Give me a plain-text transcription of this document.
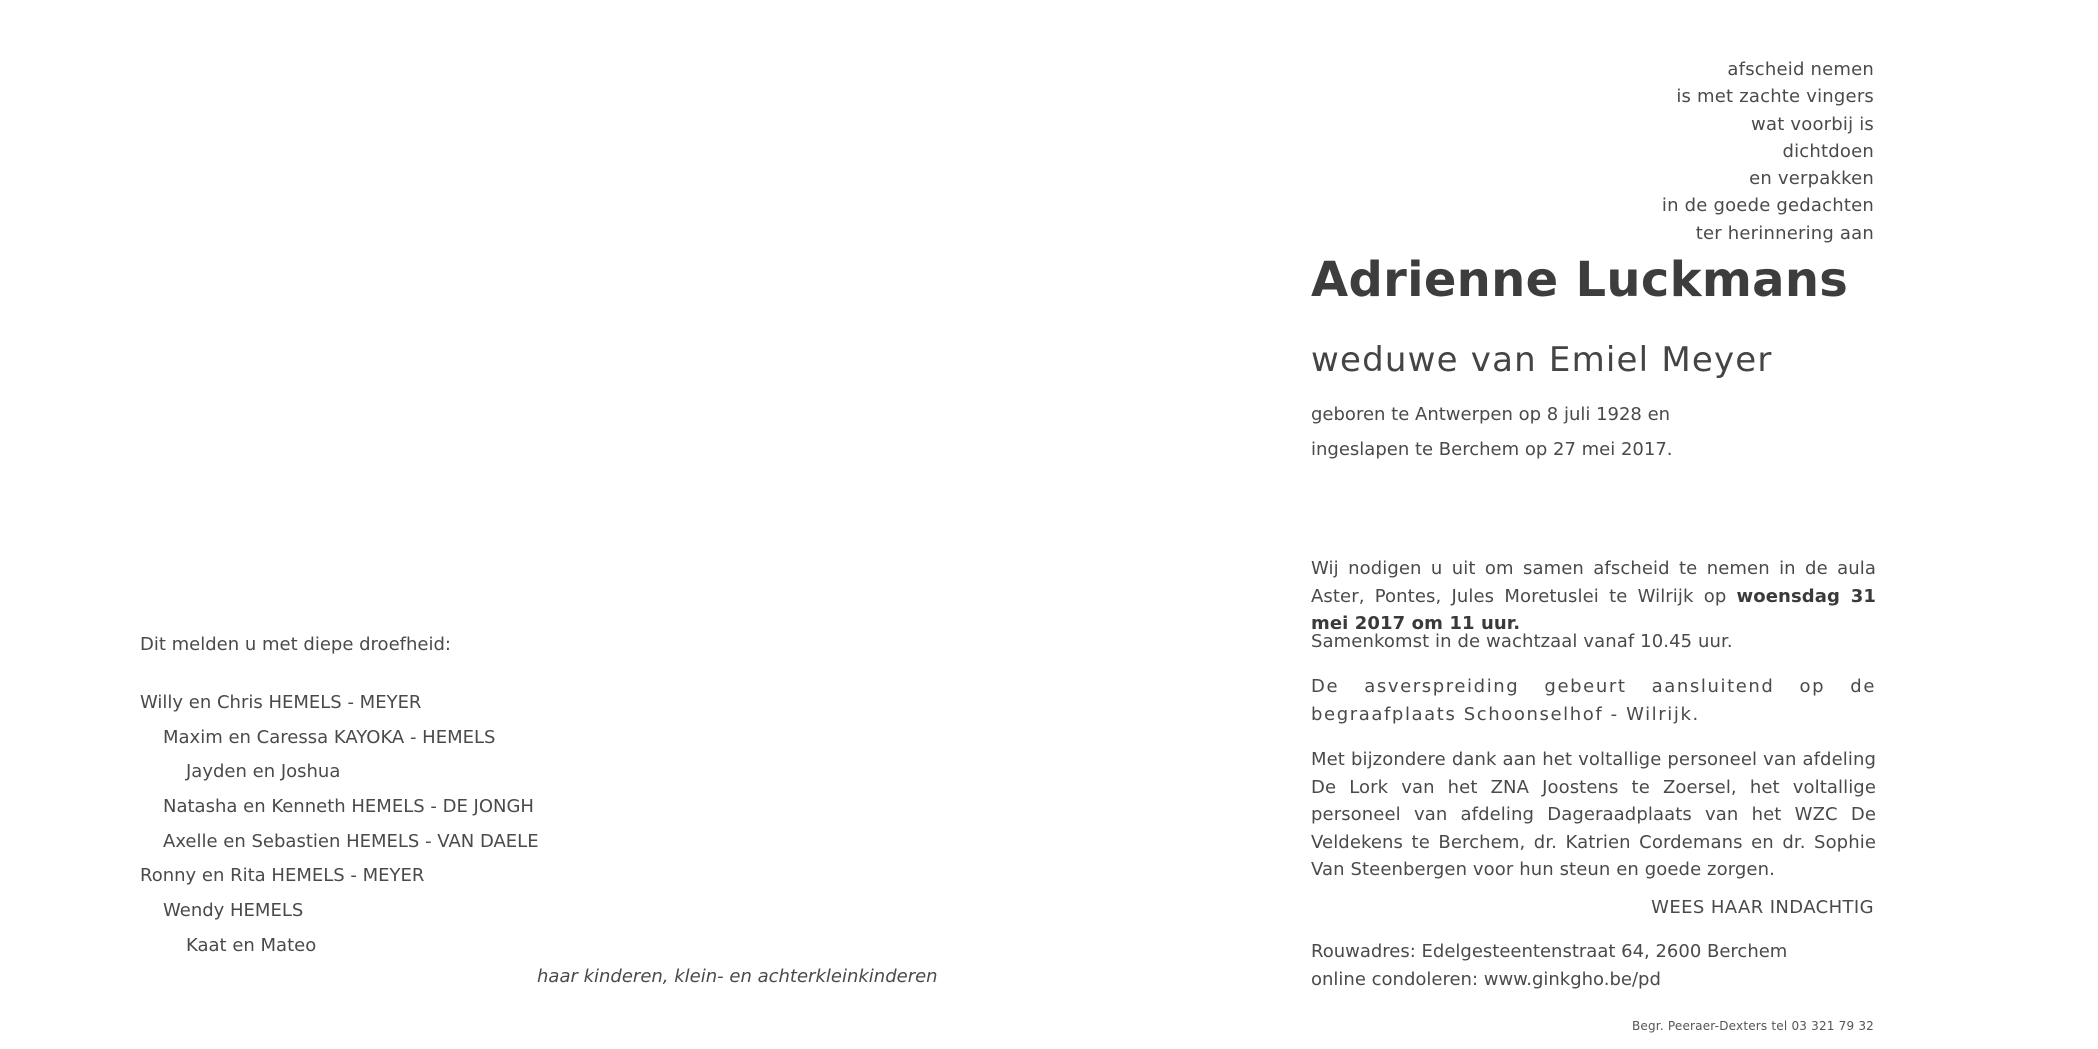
afscheid nemen
is met zachte vingers
wat voorbij is
dichtdoen
en verpakken
in de goede gedachten
ter herinnering aan
Adrienne Luckmans
weduwe van Emiel Meyer
geboren te Antwerpen op 8 juli 1928 en
ingeslapen te Berchem op 27 mei 2017.
Wij nodigen u uit om samen afscheid te nemen in de aula Aster, Pontes, Jules Moretuslei te Wilrijk op woensdag 31 mei 2017 om 11 uur.
Samenkomst in de wachtzaal vanaf 10.45 uur.
De asverspreiding gebeurt aansluitend op de begraafplaats Schoonselhof - Wilrijk.
Met bijzondere dank aan het voltallige personeel van afdeling De Lork van het ZNA Joostens te Zoersel, het voltallige personeel van afdeling Dageraadplaats van het WZC De Veldekens te Berchem, dr. Katrien Cordemans en dr. Sophie Van Steenbergen voor hun steun en goede zorgen.
WEES HAAR INDACHTIG
Rouwadres: Edelgesteentenstraat 64, 2600 Berchem
online condoleren: www.ginkgho.be/pd
Begr. Peeraer-Dexters tel 03 321 79 32
Dit melden u met diepe droefheid:
Willy en Chris HEMELS - MEYER
Maxim en Caressa KAYOKA - HEMELS
Jayden en Joshua
Natasha en Kenneth HEMELS - DE JONGH
Axelle en Sebastien HEMELS - VAN DAELE
Ronny en Rita HEMELS - MEYER
Wendy HEMELS
Kaat en Mateo
haar kinderen, klein- en achterkleinkinderen
